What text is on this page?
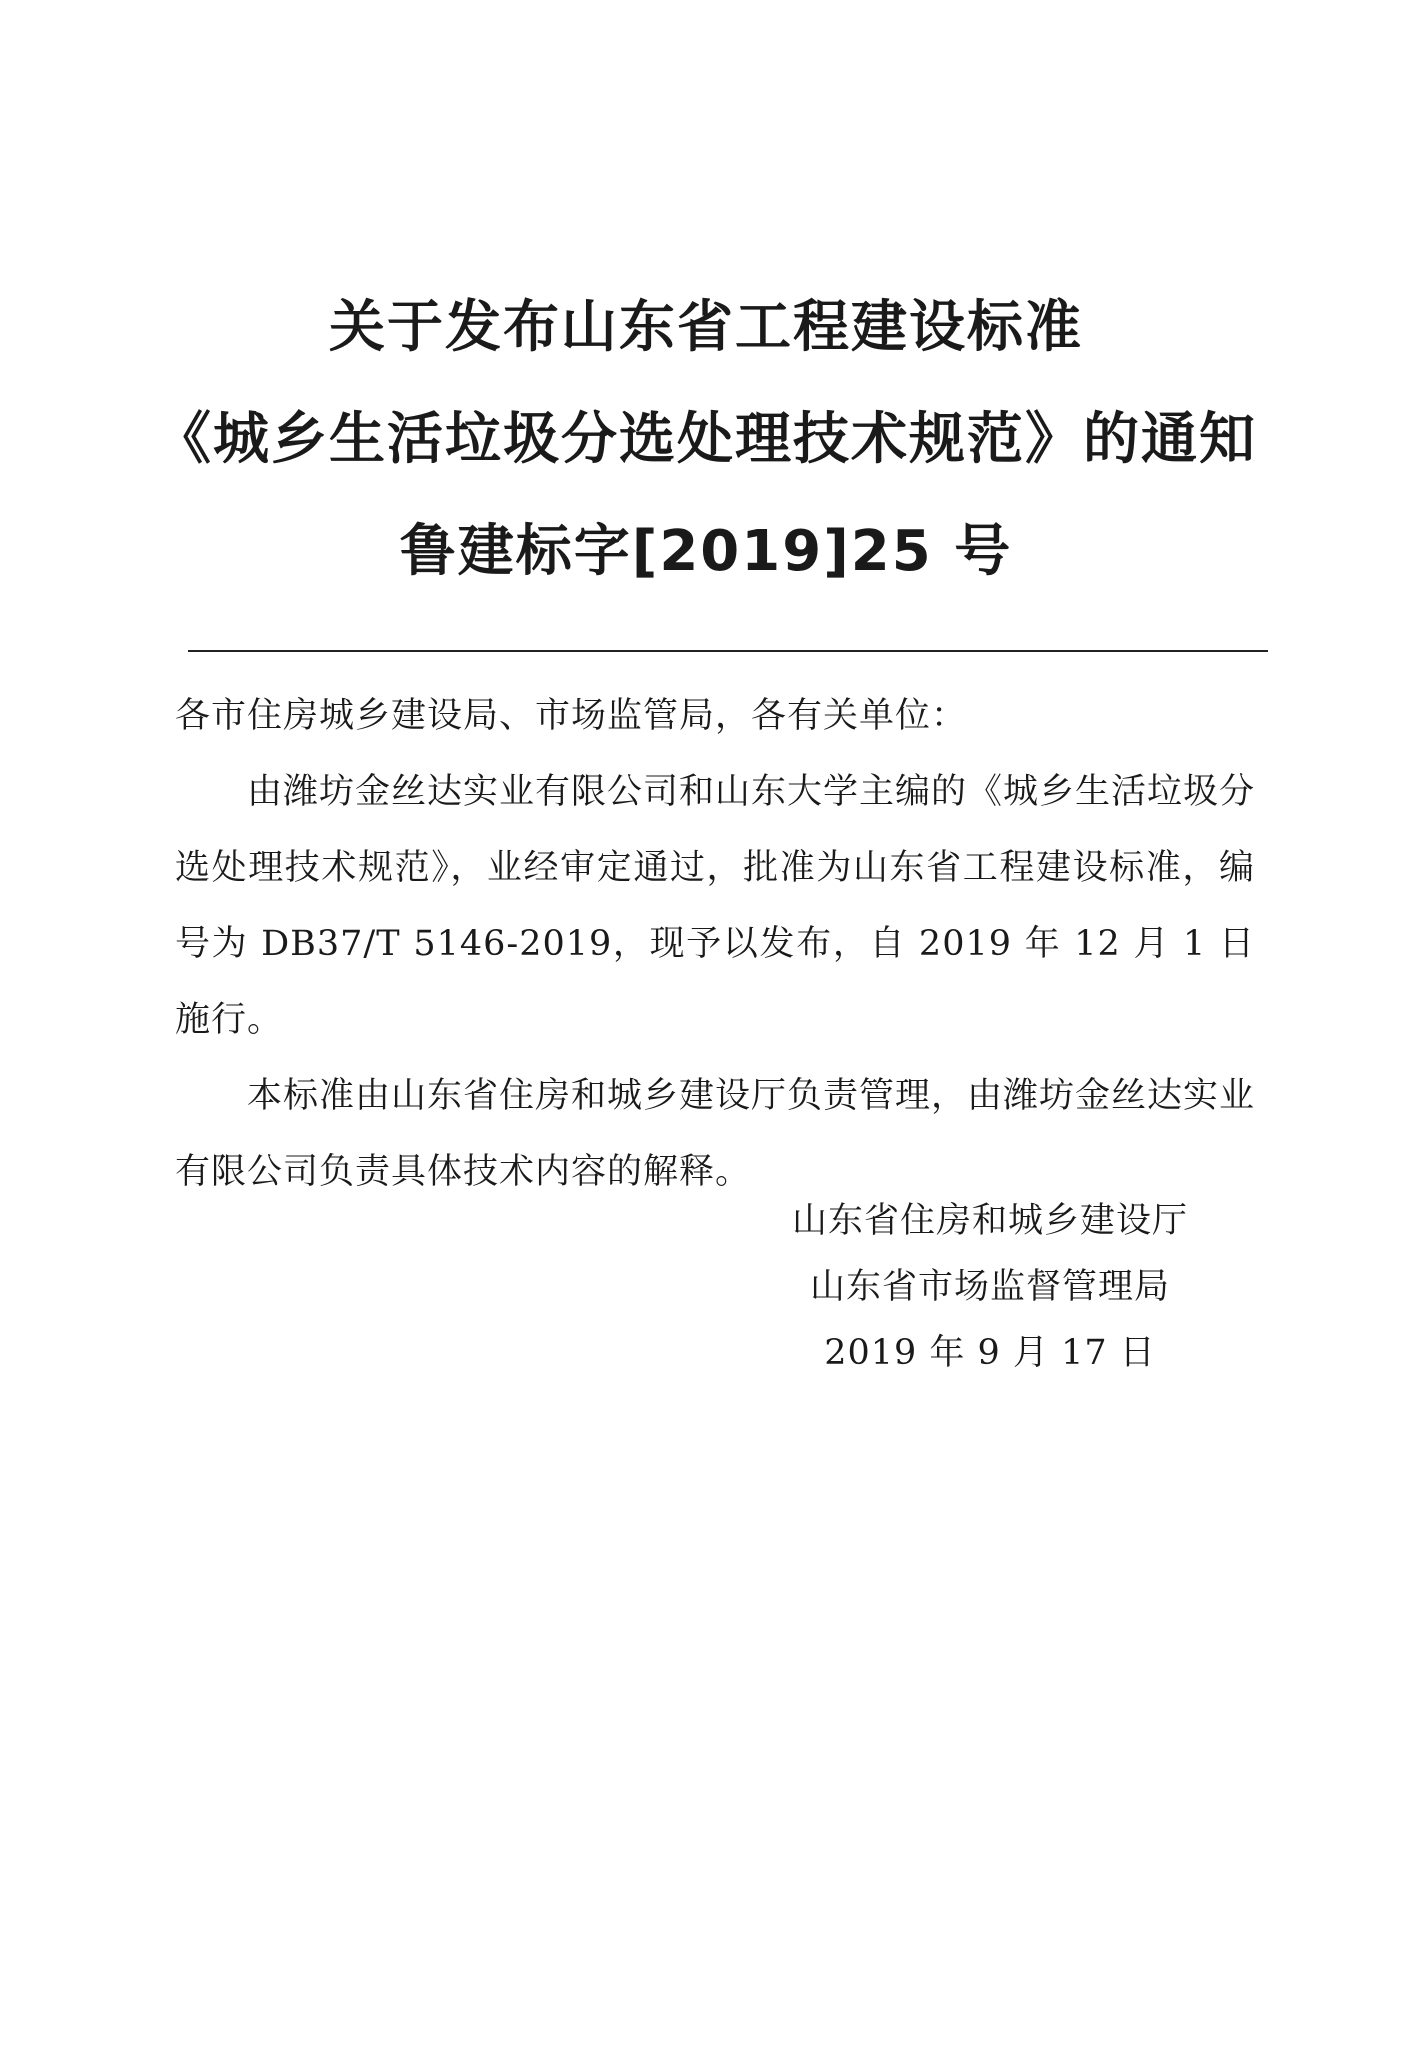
关于发布山东省工程建设标准
《城乡生活垃圾分选处理技术规范》的通知
鲁建标字[2019]25 号

各市住房城乡建设局、市场监管局，各有关单位：

由潍坊金丝达实业有限公司和山东大学主编的《城乡生活垃圾分选处理技术规范》，业经审定通过，批准为山东省工程建设标准，编号为 DB37/T 5146-2019，现予以发布，自 2019 年 12 月 1 日施行。

本标准由山东省住房和城乡建设厅负责管理，由潍坊金丝达实业有限公司负责具体技术内容的解释。

山东省住房和城乡建设厅
山东省市场监督管理局
2019 年 9 月 17 日
